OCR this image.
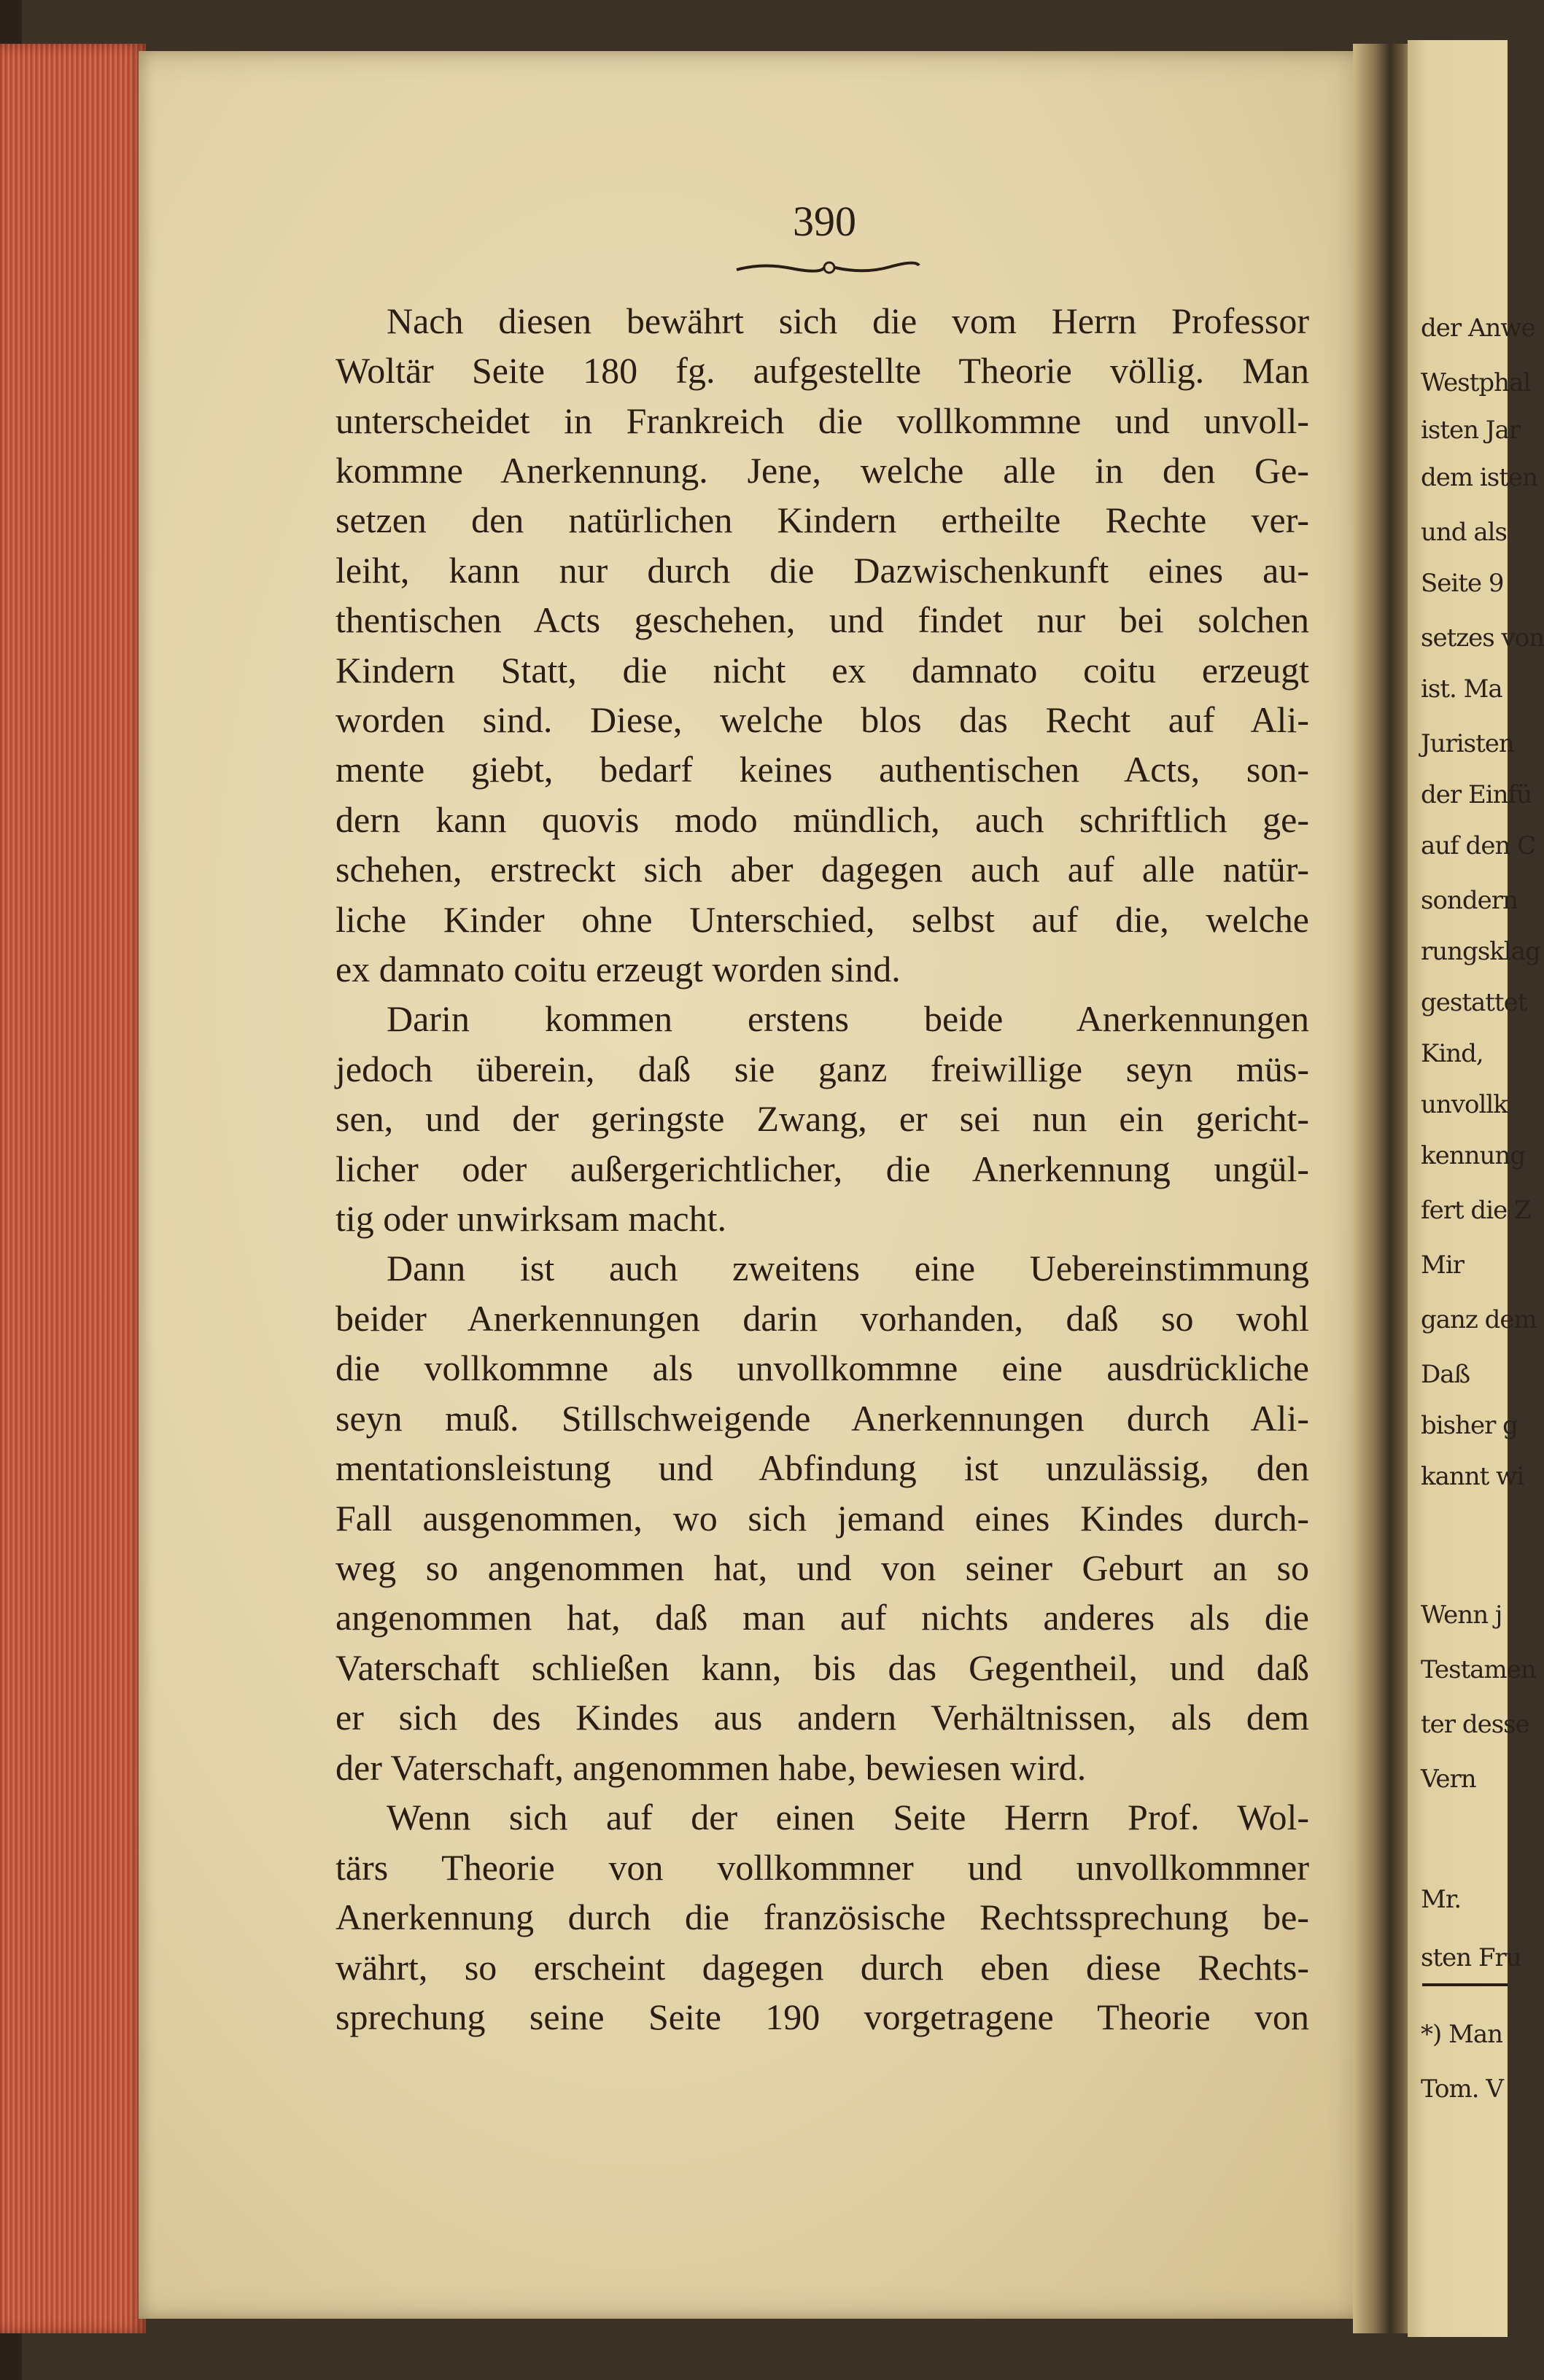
390
Nach diesen bewährt sich die vom Herrn Professor
Woltär Seite 180 fg. aufgestellte Theorie völlig. Man
unterscheidet in Frankreich die vollkommne und unvoll-
kommne Anerkennung. Jene, welche alle in den Ge-
setzen den natürlichen Kindern ertheilte Rechte ver-
leiht, kann nur durch die Dazwischenkunft eines au-
thentischen Acts geschehen, und findet nur bei solchen
Kindern Statt, die nicht ex damnato coitu erzeugt
worden sind. Diese, welche blos das Recht auf Ali-
mente giebt, bedarf keines authentischen Acts, son-
dern kann quovis modo mündlich, auch schriftlich ge-
schehen, erstreckt sich aber dagegen auch auf alle natür-
liche Kinder ohne Unterschied, selbst auf die, welche
ex damnato coitu erzeugt worden sind.
Darin kommen erstens beide Anerkennungen
jedoch überein, daß sie ganz freiwillige seyn müs-
sen, und der geringste Zwang, er sei nun ein gericht-
licher oder außergerichtlicher, die Anerkennung ungül-
tig oder unwirksam macht.
Dann ist auch zweitens eine Uebereinstimmung
beider Anerkennungen darin vorhanden, daß so wohl
die vollkommne als unvollkommne eine ausdrückliche
seyn muß. Stillschweigende Anerkennungen durch Ali-
mentationsleistung und Abfindung ist unzulässig, den
Fall ausgenommen, wo sich jemand eines Kindes durch-
weg so angenommen hat, und von seiner Geburt an so
angenommen hat, daß man auf nichts anderes als die
Vaterschaft schließen kann, bis das Gegentheil, und daß
er sich des Kindes aus andern Verhältnissen, als dem
der Vaterschaft, angenommen habe, bewiesen wird.
Wenn sich auf der einen Seite Herrn Prof. Wol-
tärs Theorie von vollkommner und unvollkommner
Anerkennung durch die französische Rechtssprechung be-
währt, so erscheint dagegen durch eben diese Rechts-
sprechung seine Seite 190 vorgetragene Theorie von
der Anwe
Westphal
isten Jar
dem isten
und als
Seite 9
setzes von
ist. Ma
Juristen
der Einfü
auf den C
sondern
rungsklag
gestattet
Kind,
unvollk
kennung
fert die Z
Mir
ganz dem
Daß
bisher g
kannt wi
Wenn j
Testamen
ter desse
Vern
Mr.
sten Fru
*) Man
Tom. V
